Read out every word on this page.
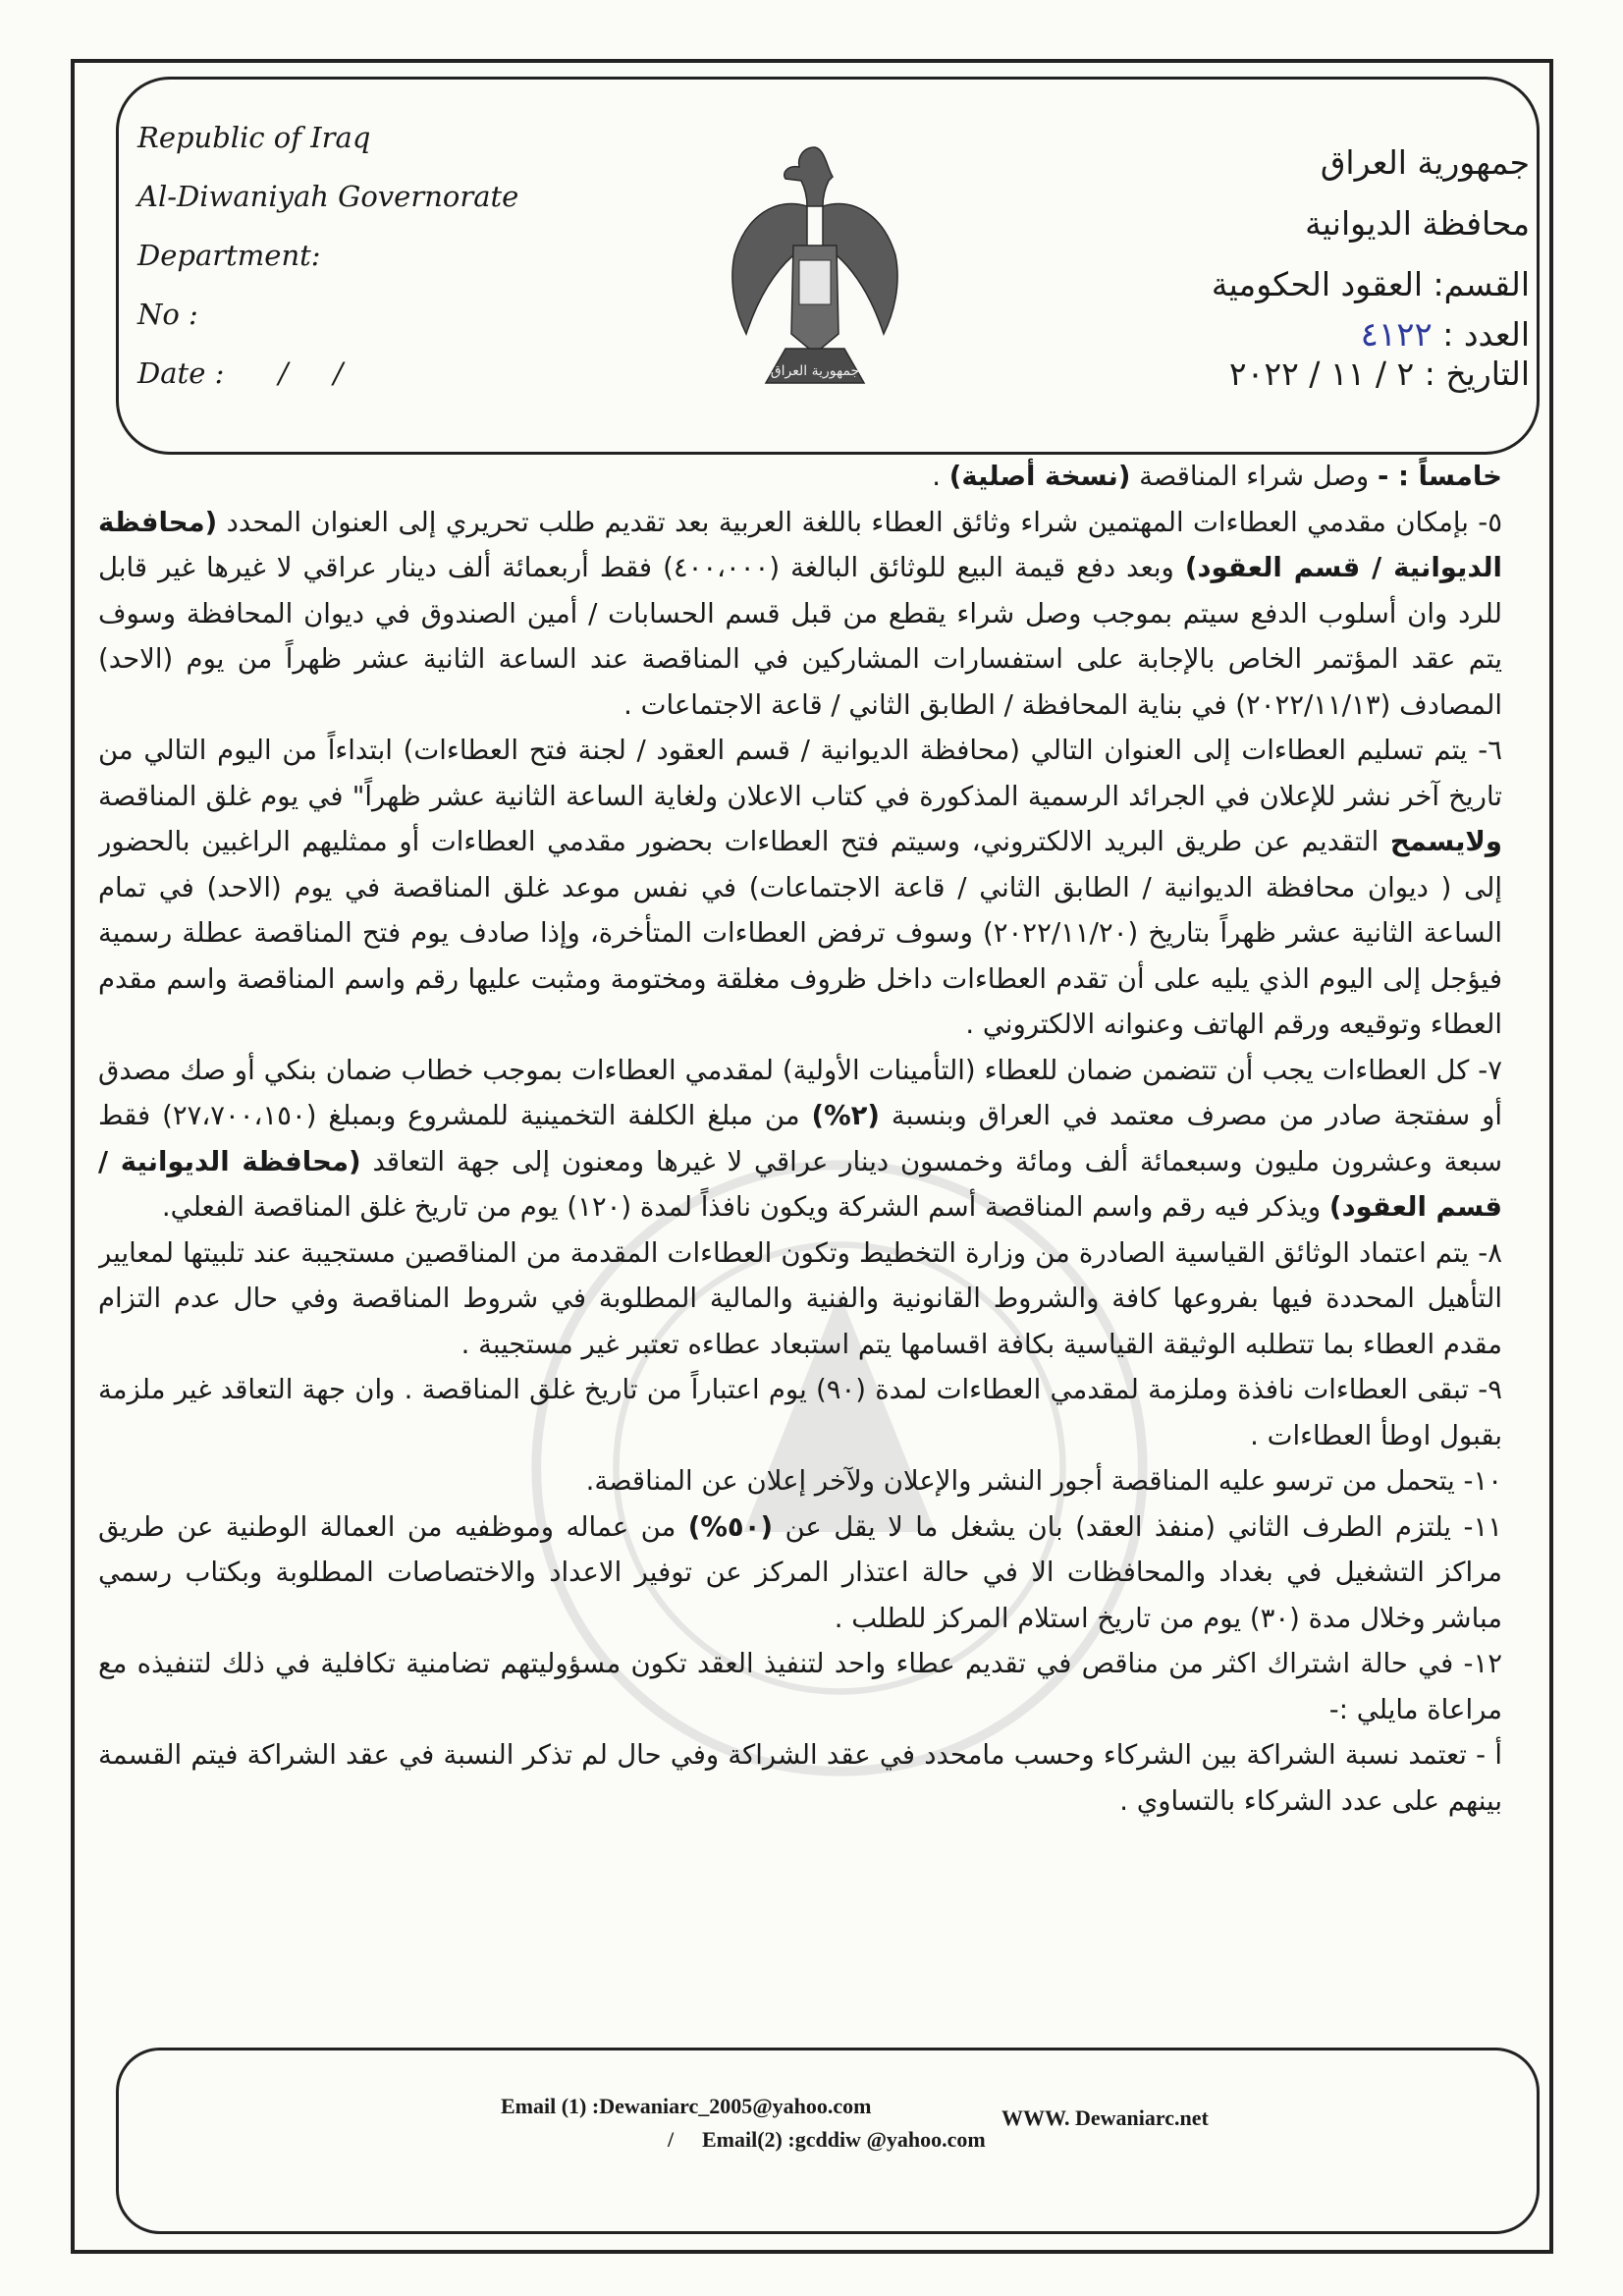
Republic of Iraq
Al-Diwaniyah Governorate
Department:
No :
Date :      /     /	جمهورية العراق
جمهورية العراق
محافظة الديوانية
القسم: العقود الحكومية
العدد : ٤١٢٢
التاريخ : ٢ / ١١ / ٢٠٢٢

خامساً : - وصل شراء المناقصة (نسخة أصلية) .

٥- بإمكان مقدمي العطاءات المهتمين شراء وثائق العطاء باللغة العربية بعد تقديم طلب تحريري إلى العنوان المحدد (محافظة الديوانية / قسم العقود) وبعد دفع قيمة البيع للوثائق البالغة (٤٠٠،٠٠٠) فقط أربعمائة ألف دينار عراقي لا غيرها غير قابل للرد وان أسلوب الدفع سيتم بموجب وصل شراء يقطع من قبل قسم الحسابات / أمين الصندوق في ديوان المحافظة وسوف يتم عقد المؤتمر الخاص بالإجابة على استفسارات المشاركين في المناقصة عند الساعة الثانية عشر ظهراً من يوم (الاحد) المصادف (٢٠٢٢/١١/١٣) في بناية المحافظة / الطابق الثاني / قاعة الاجتماعات .

٦- يتم تسليم العطاءات إلى العنوان التالي (محافظة الديوانية / قسم العقود / لجنة فتح العطاءات) ابتداءاً من اليوم التالي من تاريخ آخر نشر للإعلان في الجرائد الرسمية المذكورة في كتاب الاعلان ولغاية الساعة الثانية عشر ظهراً" في يوم غلق المناقصة ولايسمح التقديم عن طريق البريد الالكتروني، وسيتم فتح العطاءات بحضور مقدمي العطاءات أو ممثليهم الراغبين بالحضور إلى ( ديوان محافظة الديوانية / الطابق الثاني / قاعة الاجتماعات) في نفس موعد غلق المناقصة في يوم (الاحد) في تمام الساعة الثانية عشر ظهراً بتاريخ (٢٠٢٢/١١/٢٠) وسوف ترفض العطاءات المتأخرة، وإذا صادف يوم فتح المناقصة عطلة رسمية فيؤجل إلى اليوم الذي يليه على أن تقدم العطاءات داخل ظروف مغلقة ومختومة ومثبت عليها رقم واسم المناقصة واسم مقدم العطاء وتوقيعه ورقم الهاتف وعنوانه الالكتروني .

٧- كل العطاءات يجب أن تتضمن ضمان للعطاء (التأمينات الأولية) لمقدمي العطاءات بموجب خطاب ضمان بنكي أو صك مصدق أو سفتجة صادر من مصرف معتمد في العراق وبنسبة (٢%) من مبلغ الكلفة التخمينية للمشروع وبمبلغ (٢٧،٧٠٠،١٥٠) فقط سبعة وعشرون مليون وسبعمائة ألف ومائة وخمسون دينار عراقي لا غيرها ومعنون إلى جهة التعاقد (محافظة الديوانية / قسم العقود) ويذكر فيه رقم واسم المناقصة أسم الشركة ويكون نافذاً لمدة (١٢٠) يوم من تاريخ غلق المناقصة الفعلي.

٨- يتم اعتماد الوثائق القياسية الصادرة من وزارة التخطيط وتكون العطاءات المقدمة من المناقصين مستجيبة عند تلبيتها لمعايير التأهيل المحددة فيها بفروعها كافة والشروط القانونية والفنية والمالية المطلوبة في شروط المناقصة وفي حال عدم التزام مقدم العطاء بما تتطلبه الوثيقة القياسية بكافة اقسامها يتم استبعاد عطاءه تعتبر غير مستجيبة .

٩- تبقى العطاءات نافذة وملزمة لمقدمي العطاءات لمدة (٩٠) يوم اعتباراً من تاريخ غلق المناقصة . وان جهة التعاقد غير ملزمة بقبول اوطأ العطاءات .

١٠- يتحمل من ترسو عليه المناقصة أجور النشر والإعلان ولآخر إعلان عن المناقصة.

١١- يلتزم الطرف الثاني (منفذ العقد) بان يشغل ما لا يقل عن (٥٠%) من عماله وموظفيه من العمالة الوطنية عن طريق مراكز التشغيل في بغداد والمحافظات الا في حالة اعتذار المركز عن توفير الاعداد والاختصاصات المطلوبة وبكتاب رسمي مباشر وخلال مدة (٣٠) يوم من تاريخ استلام المركز للطلب .

١٢- في حالة اشتراك اكثر من مناقص في تقديم عطاء واحد لتنفيذ العقد تكون مسؤوليتهم تضامنية تكافلية في ذلك لتنفيذه مع مراعاة مايلي :-

أ - تعتمد نسبة الشراكة بين الشركاء وحسب مامحدد في عقد الشراكة وفي حال لم تذكر النسبة في عقد الشراكة فيتم القسمة بينهم على عدد الشركاء بالتساوي .

Email (1) :Dewaniarc_2005@yahoo.com	WWW. Dewaniarc.net
/ Email(2) :gcddiw @yahoo.com
